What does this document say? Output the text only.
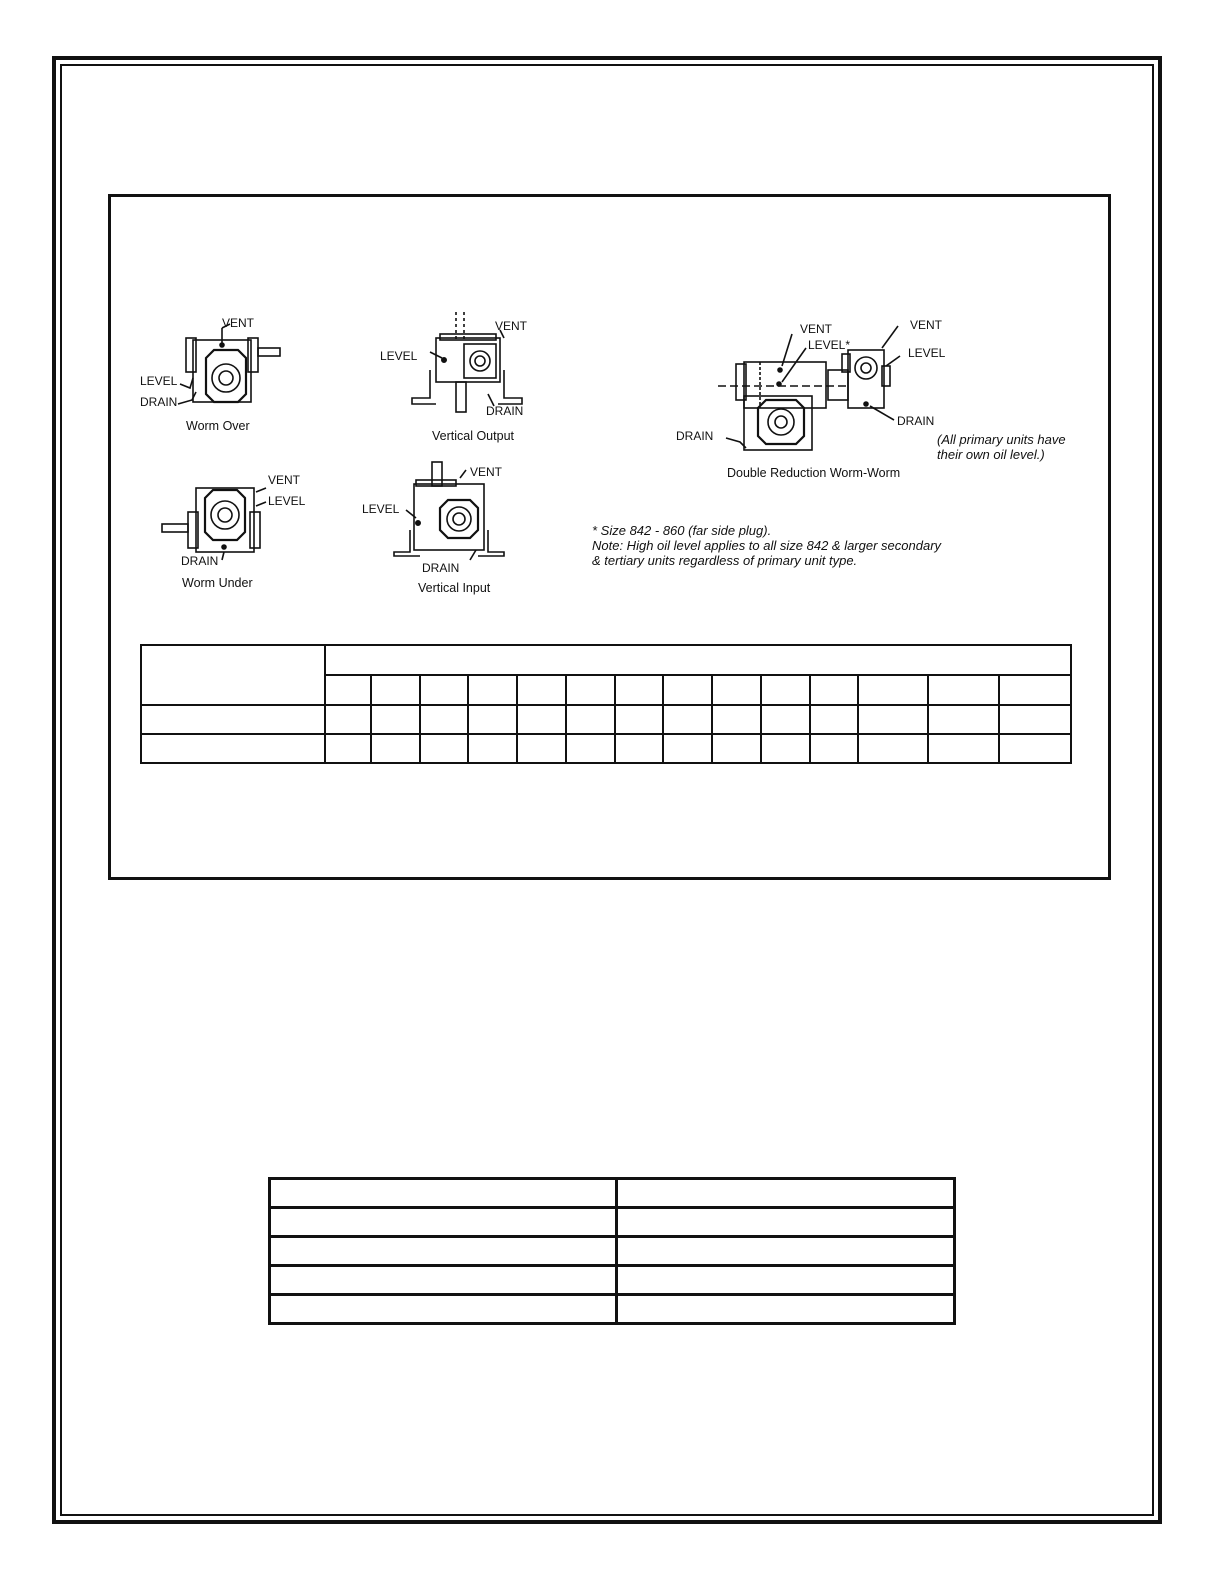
VENT
LEVEL
DRAIN
Worm Over
VENT
LEVEL
DRAIN
Vertical Output
VENT
LEVEL
DRAIN
Worm Under
VENT
LEVEL
DRAIN
Vertical Input
VENT
LEVEL*
DRAIN
VENT
LEVEL
DRAIN
Double Reduction Worm-Worm
(All primary units have
their own oil level.)
* Size 842 - 860 (far side plug).
Note: High oil level applies to all size 842 & larger secondary
& tertiary units regardless of primary unit type.
